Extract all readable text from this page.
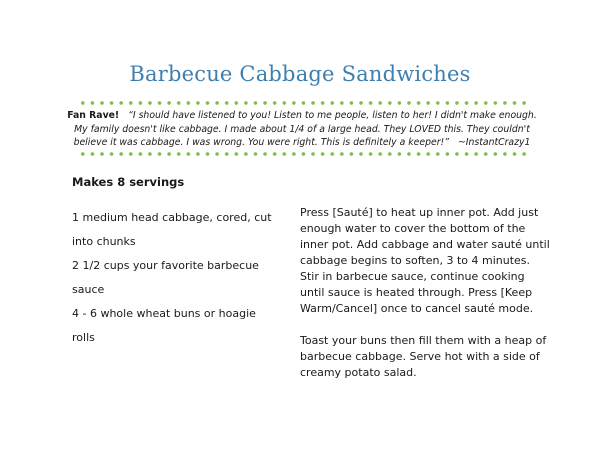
Barbecue Cabbage Sandwiches
Fan Rave! “I should have listened to you! Listen to me people, listen to her! I didn't make enough. My family doesn't like cabbage. I made about 1/4 of a large head. They LOVED this. They couldn't believe it was cabbage. I was wrong. You were right. This is definitely a keeper!” ~InstantCrazy1
Makes 8 servings
1 medium head cabbage, cored, cut into chunks
2 1/2 cups your favorite barbecue sauce
4 - 6 whole wheat buns or hoagie rolls

Press [Sauté] to heat up inner pot. Add just enough water to cover the bottom of the inner pot. Add cabbage and water sauté until cabbage begins to soften, 3 to 4 minutes. Stir in barbecue sauce, continue cooking until sauce is heated through. Press [Keep Warm/Cancel] once to cancel sauté mode.

Toast your buns then fill them with a heap of barbecue cabbage. Serve hot with a side of creamy potato salad.
